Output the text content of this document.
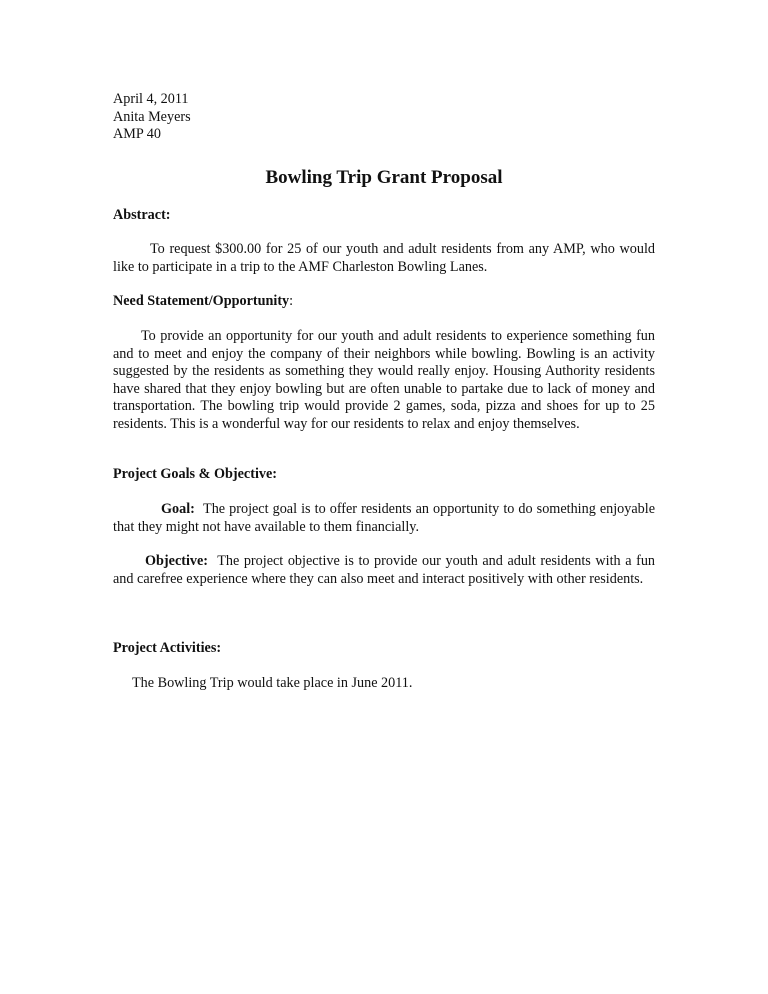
April 4, 2011

Anita Meyers

AMP 40

Bowling Trip Grant Proposal

Abstract:

To request $300.00 for 25 of our youth and adult residents from any AMP, who would like to participate in a trip to the AMF Charleston Bowling Lanes.

Need Statement/Opportunity:

To provide an opportunity for our youth and adult residents to experience something fun and to meet and enjoy the company of their neighbors while bowling. Bowling is an activity suggested by the residents as something they would really enjoy. Housing Authority residents have shared that they enjoy bowling but are often unable to partake due to lack of money and transportation. The bowling trip would provide 2 games, soda, pizza and shoes for up to 25 residents. This is a wonderful way for our residents to relax and enjoy themselves.

Project Goals & Objective:

Goal: The project goal is to offer residents an opportunity to do something enjoyable that they might not have available to them financially.

Objective: The project objective is to provide our youth and adult residents with a fun and carefree experience where they can also meet and interact positively with other residents.

Project Activities:

The Bowling Trip would take place in June 2011.
